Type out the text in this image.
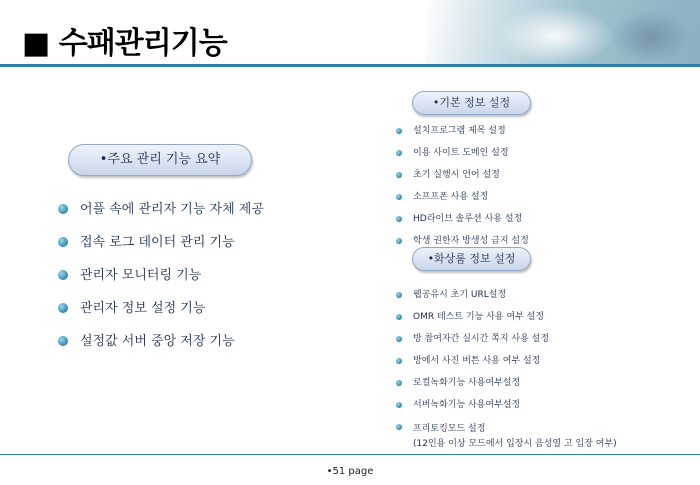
■ 수패관리기능
•주요 관리 기능 요약
어플 속에 관리자 기능 자체 제공
접속 로그 데이터 관리 기능
관리자 모니터링 기능
관리자 정보 설정 기능
설정값 서버 중앙 저장 기능
•기본 정보 설정
설치프로그램 제목 설정
이용 사이트 도메인 설정
초기 실행시 언어 설정
소프프폰 사용 설정
HD라이브 솔루션 사용 설정
학생 권한자 방생성 금지 설정
•화상룸 정보 설정
웹공유시 초기 URL설정
OMR 테스트 기능 사용 여부 설정
방 참여자간 실시간 쪽지 사용 설정
방에서 사진 버튼 사용 여부 설정
로컬녹화기능 사용여부설정
서버녹화기능 사용여부설정
프리토킹모드 설정
(12인용 이상 모드에서 입장시 음성열 고 입장 여부)
•51 page
